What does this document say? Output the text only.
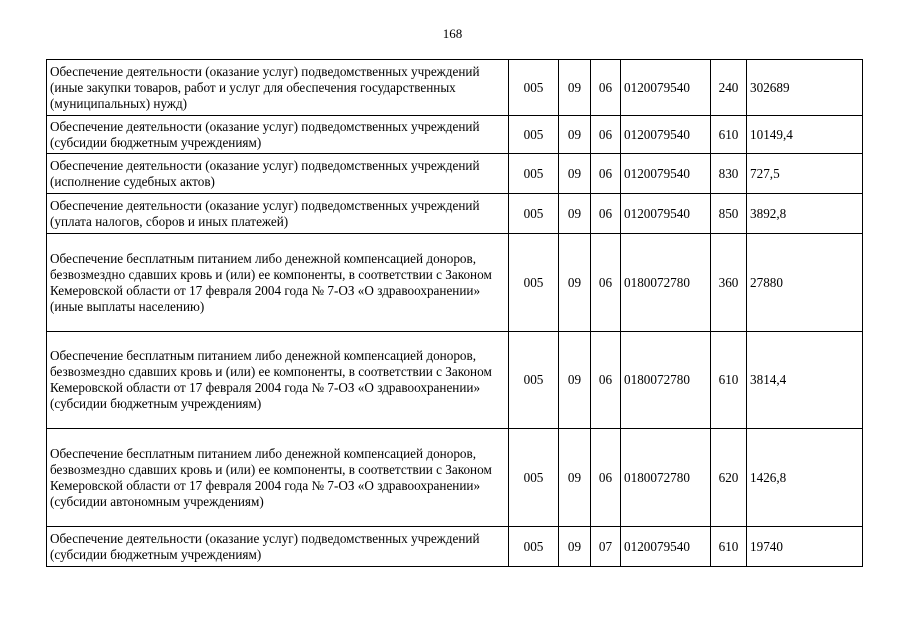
168
Обеспечение деятельности (оказание услуг) подведомственных учреждений (иные закупки товаров, работ и услуг для обеспечения государственных (муниципальных) нужд)	005	09	06	0120079540	240	302689
Обеспечение деятельности (оказание услуг) подведомственных учреждений (субсидии бюджетным учреждениям)	005	09	06	0120079540	610	10149,4
Обеспечение деятельности (оказание услуг) подведомственных учреждений (исполнение судебных актов)	005	09	06	0120079540	830	727,5
Обеспечение деятельности (оказание услуг) подведомственных учреждений (уплата налогов, сборов и иных платежей)	005	09	06	0120079540	850	3892,8
Обеспечение бесплатным питанием либо денежной компенсацией доноров, безвозмездно сдавших кровь и (или) ее компоненты, в соответствии с Законом Кемеровской области от 17 февраля 2004 года № 7-ОЗ «О здравоохранении» (иные выплаты населению)	005	09	06	0180072780	360	27880
Обеспечение бесплатным питанием либо денежной компенсацией доноров, безвозмездно сдавших кровь и (или) ее компоненты, в соответствии с Законом Кемеровской области от 17 февраля 2004 года № 7-ОЗ «О здравоохранении» (субсидии бюджетным учреждениям)	005	09	06	0180072780	610	3814,4
Обеспечение бесплатным питанием либо денежной компенсацией доноров, безвозмездно сдавших кровь и (или) ее компоненты, в соответствии с Законом Кемеровской области от 17 февраля 2004 года № 7-ОЗ «О здравоохранении» (субсидии автономным учреждениям)	005	09	06	0180072780	620	1426,8
Обеспечение деятельности (оказание услуг) подведомственных учреждений (субсидии бюджетным учреждениям)	005	09	07	0120079540	610	19740
